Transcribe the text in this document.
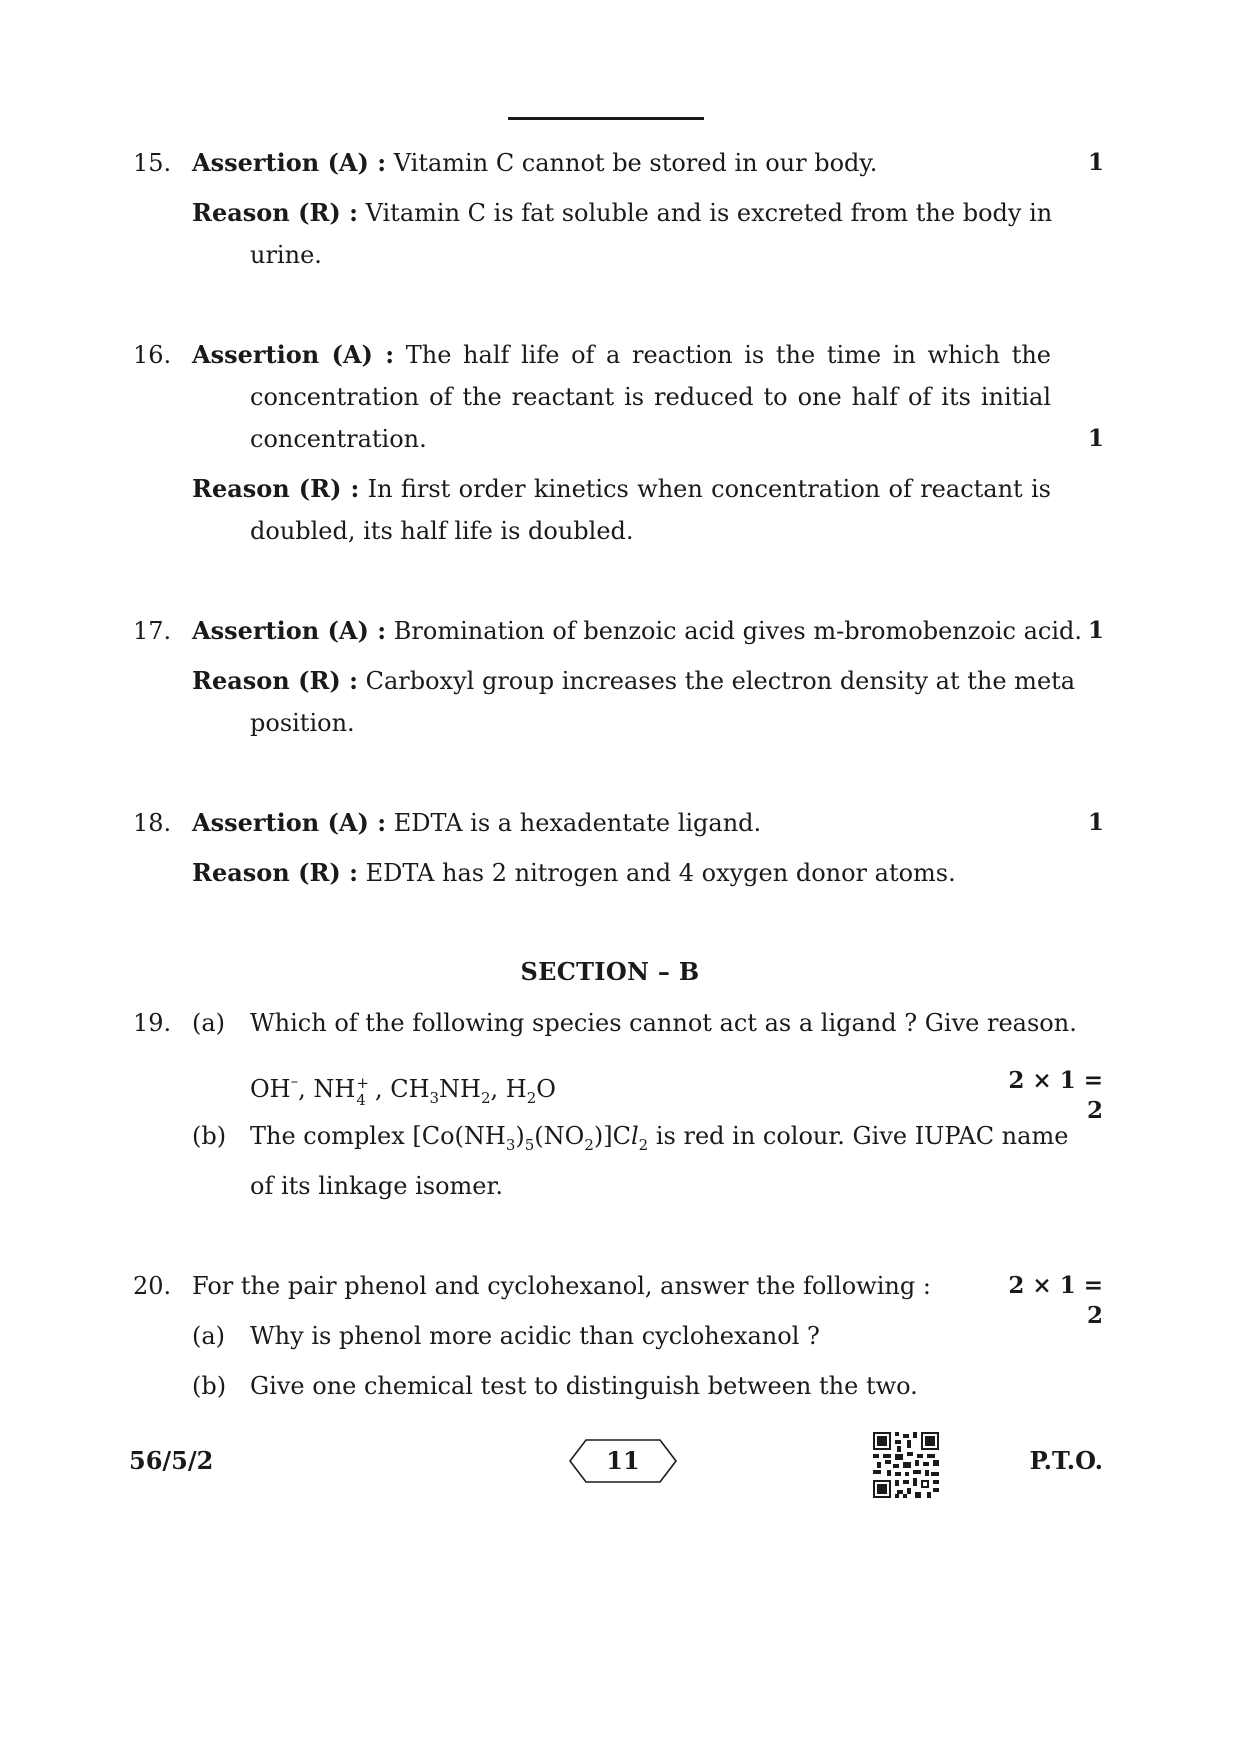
15. Assertion (A) : Vitamin C cannot be stored in our body.	1
Reason (R) : Vitamin C is fat soluble and is excreted from the body in
urine.
16. Assertion (A) : The half life of a reaction is the time in which the
concentration of the reactant is reduced to one half of its initial
concentration.	1
Reason (R) : In first order kinetics when concentration of reactant is
doubled, its half life is doubled.
17. Assertion (A) : Bromination of benzoic acid gives m-bromobenzoic acid. 1
Reason (R) : Carboxyl group increases the electron density at the meta
position.
18. Assertion (A) : EDTA is a hexadentate ligand.	1
Reason (R) : EDTA has 2 nitrogen and 4 oxygen donor atoms.
SECTION – B
19. (a) Which of the following species cannot act as a ligand ? Give reason.
OH–, NH +
4 , $CH_3NH_2$, $H_2O$	2 × 1 = 2
(b) The complex $[Co(NH_3)_5(NO_2)]Cl_2$ is red in colour. Give IUPAC name
of its linkage isomer.
20. For the pair phenol and cyclohexanol, answer the following :	2 × 1 = 2
(a) Why is phenol more acidic than cyclohexanol ?
(b) Give one chemical test to distinguish between the two.
56/5/2	11	P.T.O.
